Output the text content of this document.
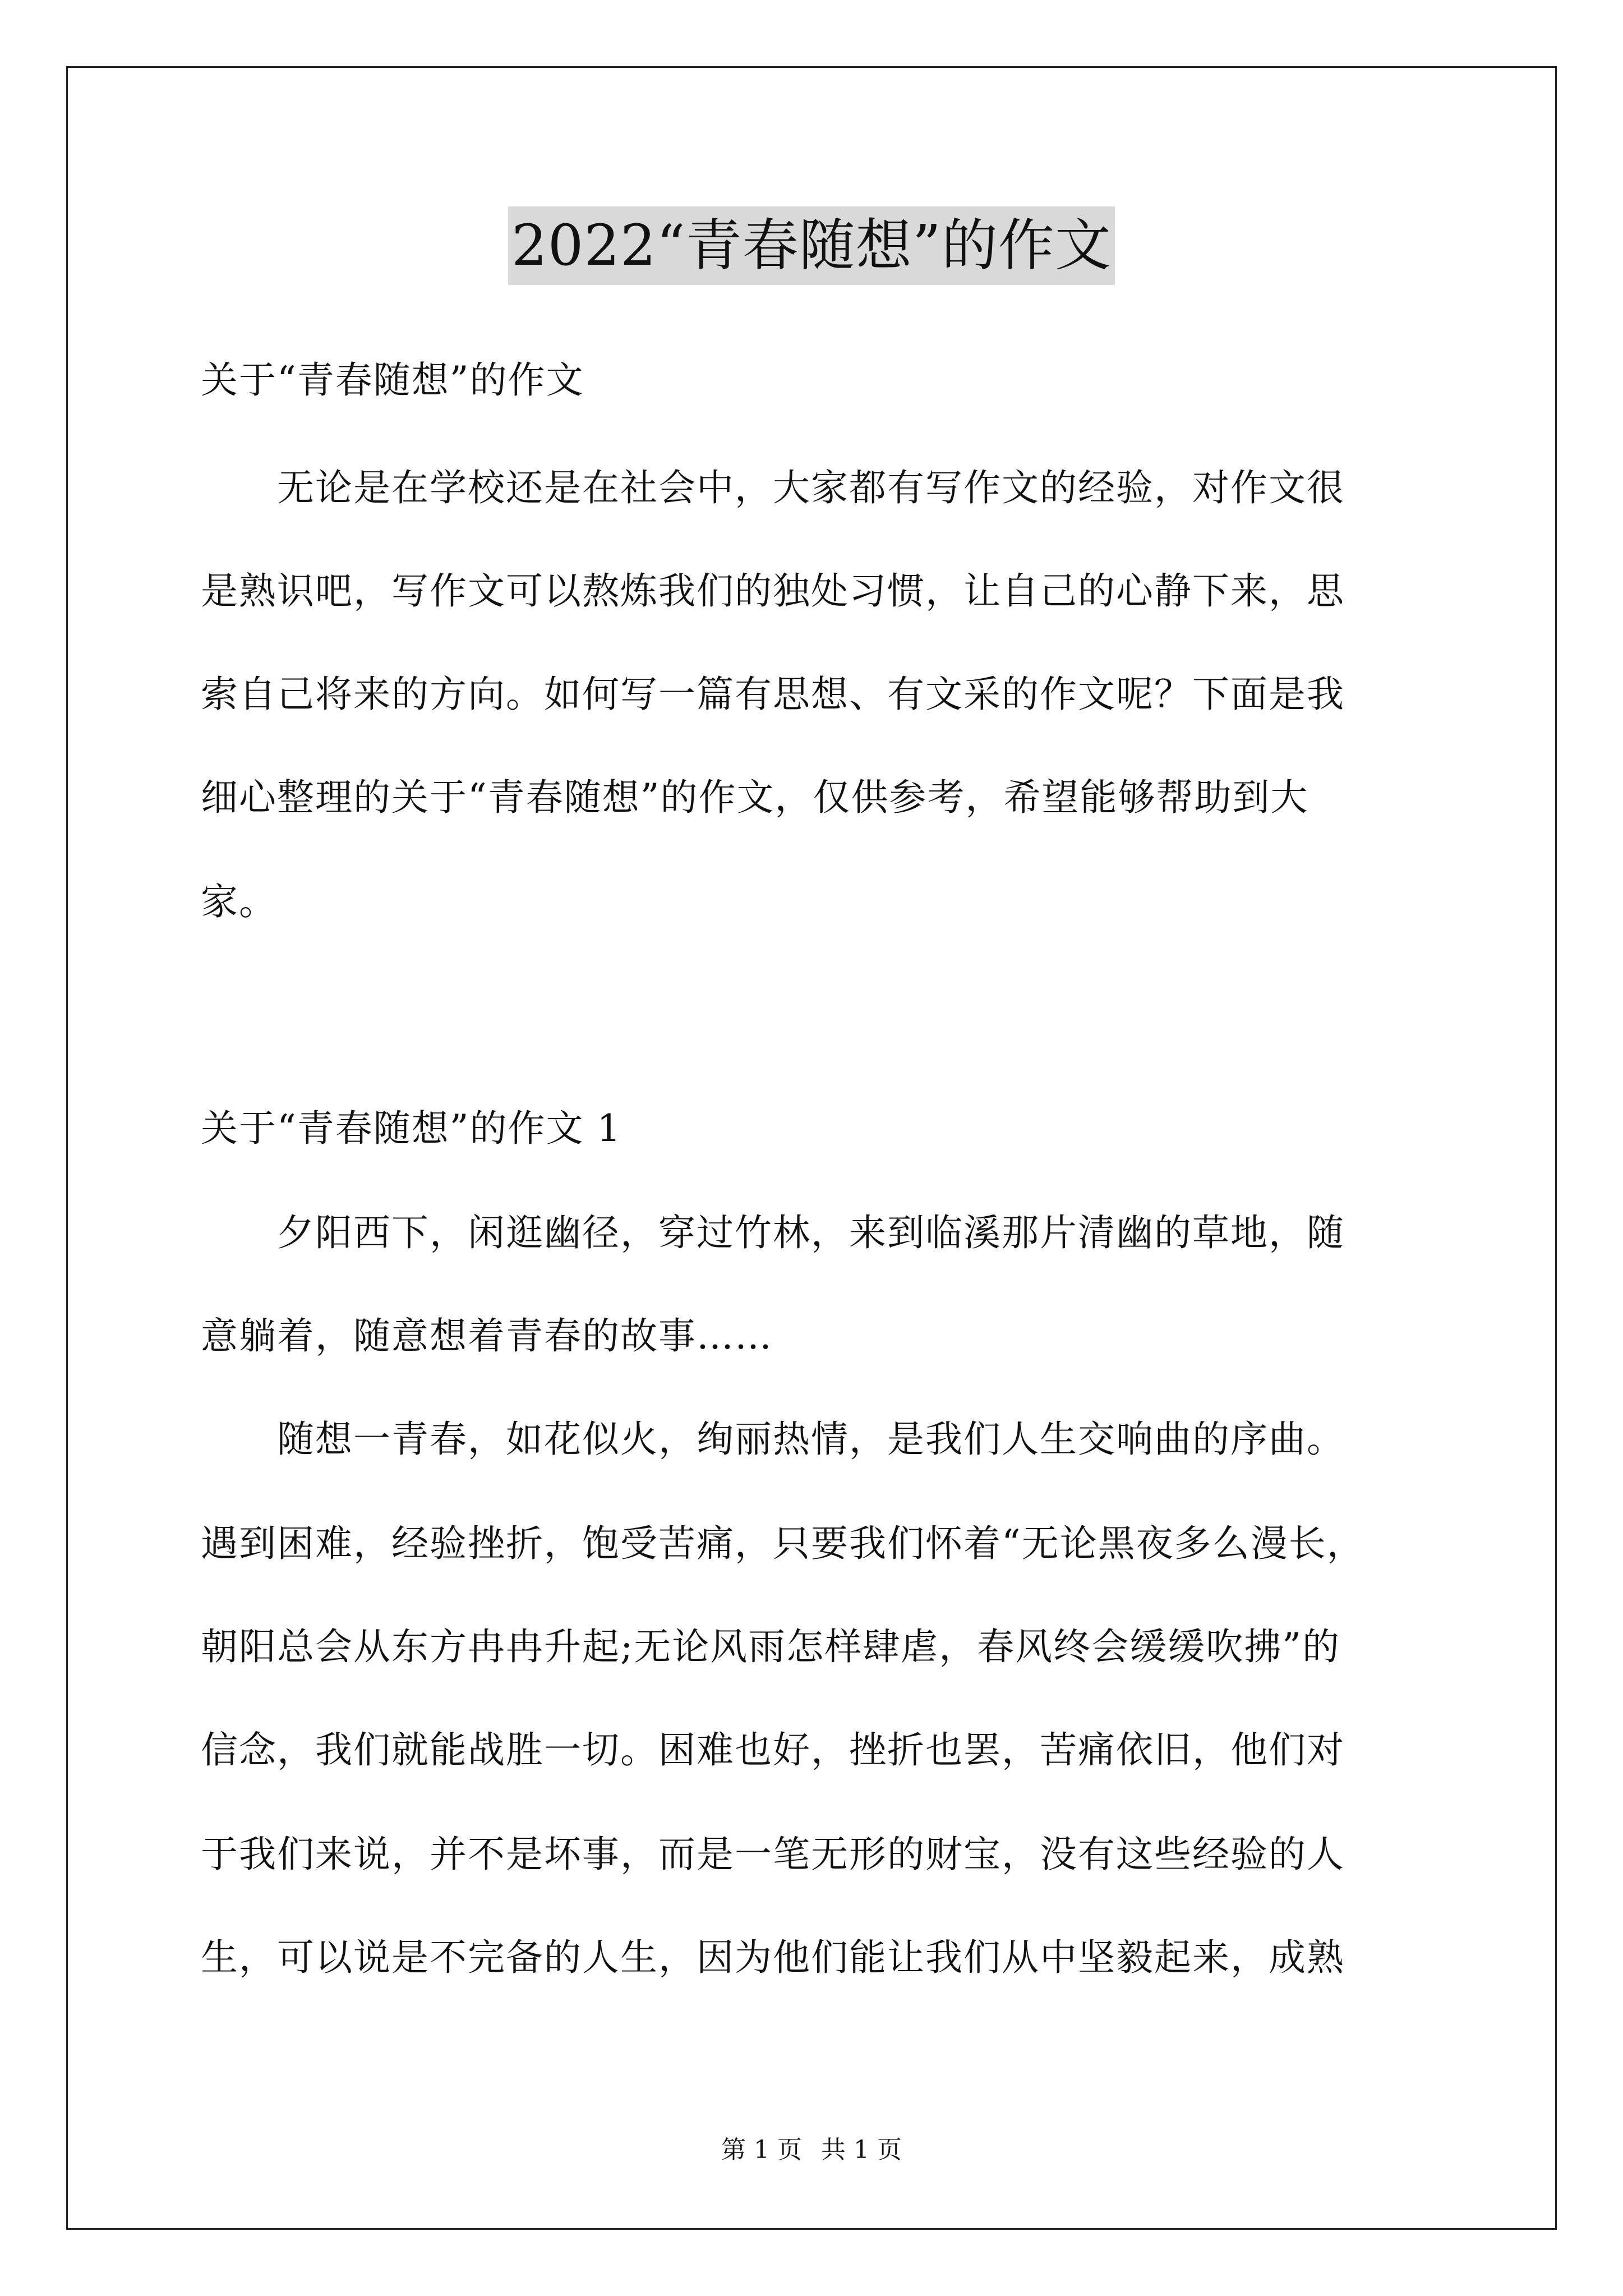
2022“青春随想”的作文
关于“青春随想”的作文
　　无论是在学校还是在社会中，大家都有写作文的经验，对作文很
是熟识吧，写作文可以熬炼我们的独处习惯，让自己的心静下来，思
索自己将来的方向。如何写一篇有思想、有文采的作文呢？下面是我
细心整理的关于“青春随想”的作文，仅供参考，希望能够帮助到大
家。
关于“青春随想”的作文 1
　　夕阳西下，闲逛幽径，穿过竹林，来到临溪那片清幽的草地，随
意躺着，随意想着青春的故事……
　　随想一青春，如花似火，绚丽热情，是我们人生交响曲的序曲。
遇到困难，经验挫折，饱受苦痛，只要我们怀着“无论黑夜多么漫长，
朝阳总会从东方冉冉升起;无论风雨怎样肆虐，春风终会缓缓吹拂”的
信念，我们就能战胜一切。困难也好，挫折也罢，苦痛依旧，他们对
于我们来说，并不是坏事，而是一笔无形的财宝，没有这些经验的人
生，可以说是不完备的人生，因为他们能让我们从中坚毅起来，成熟
第 1 页 共 1 页
